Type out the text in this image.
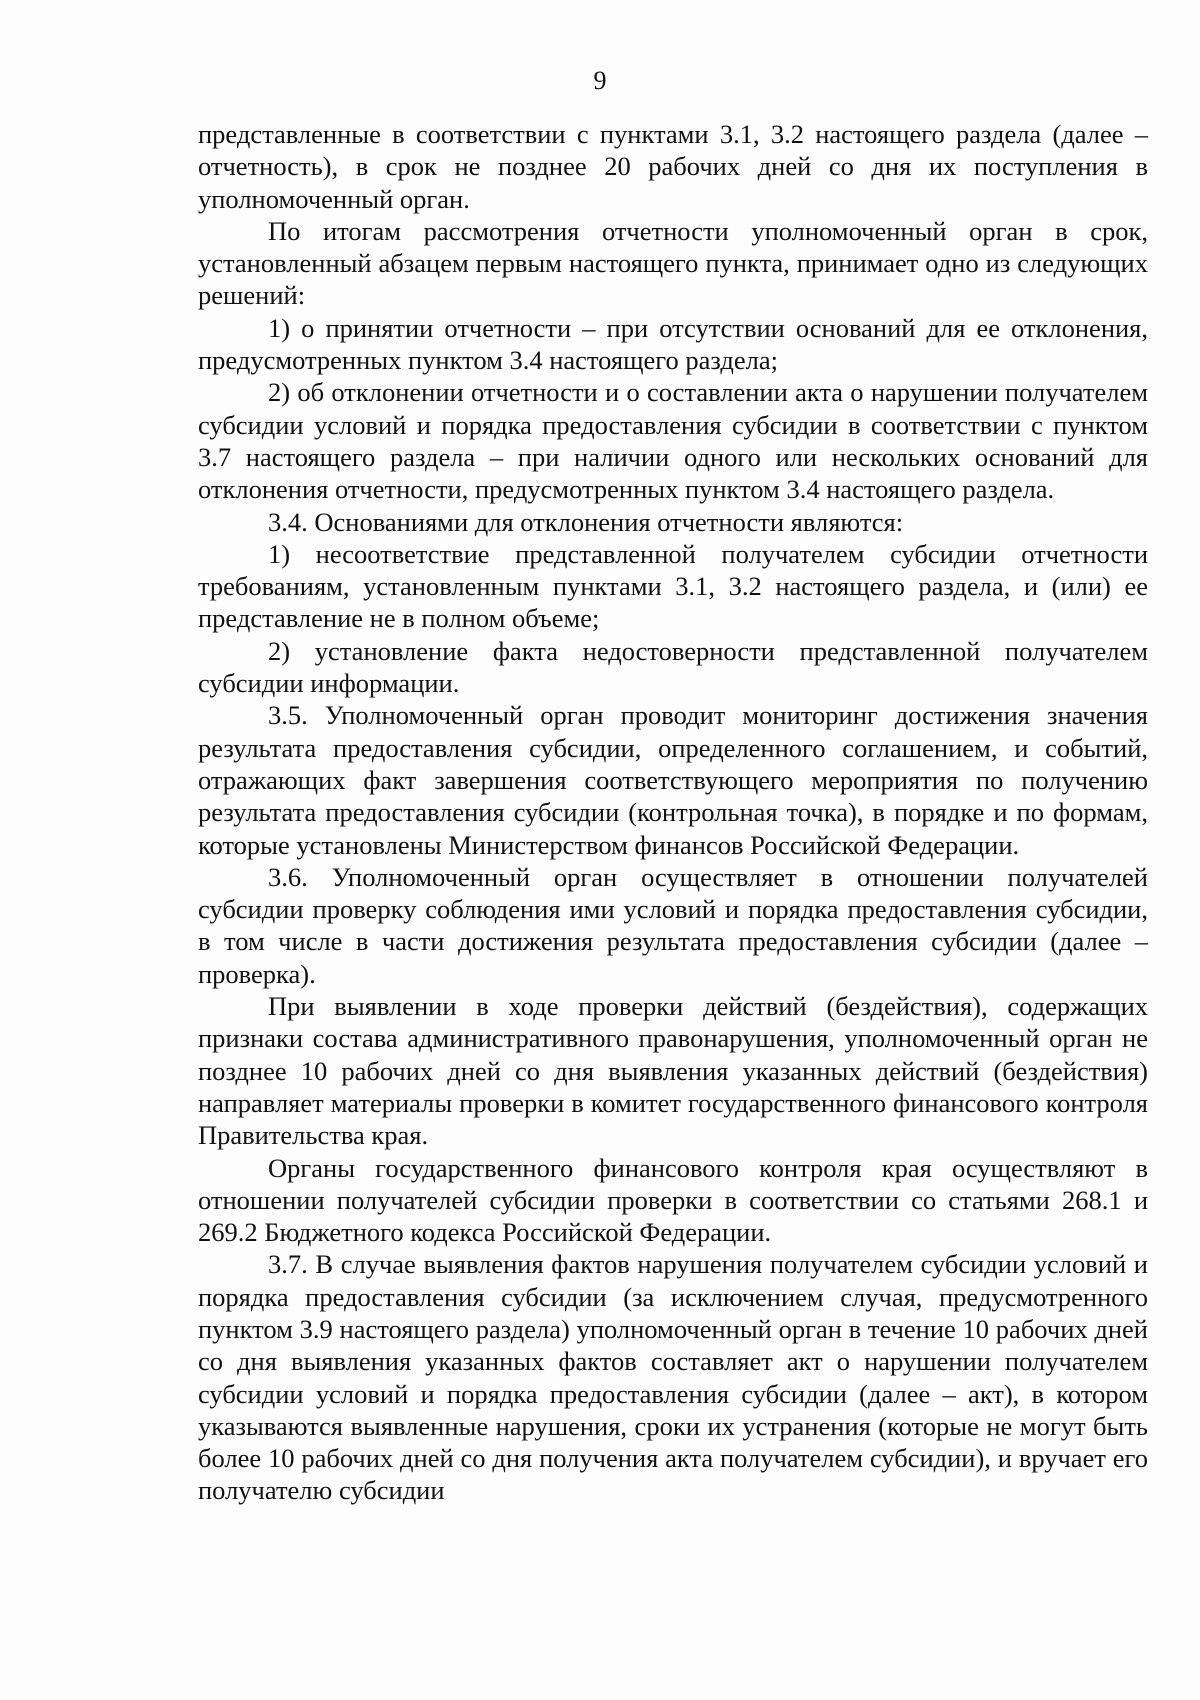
9

представленные в соответствии с пунктами 3.1, 3.2 настоящего раздела (далее – отчетность), в срок не позднее 20 рабочих дней со дня их поступления в уполномоченный орган.

По итогам рассмотрения отчетности уполномоченный орган в срок, установленный абзацем первым настоящего пункта, принимает одно из следующих решений:

1) о принятии отчетности – при отсутствии оснований для ее отклонения, предусмотренных пунктом 3.4 настоящего раздела;

2) об отклонении отчетности и о составлении акта о нарушении получателем субсидии условий и порядка предоставления субсидии в соответствии с пунктом 3.7 настоящего раздела – при наличии одного или нескольких оснований для отклонения отчетности, предусмотренных пунктом 3.4 настоящего раздела.

3.4. Основаниями для отклонения отчетности являются:

1) несоответствие представленной получателем субсидии отчетности требованиям, установленным пунктами 3.1, 3.2 настоящего раздела, и (или) ее представление не в полном объеме;

2) установление факта недостоверности представленной получателем субсидии информации.

3.5. Уполномоченный орган проводит мониторинг достижения значения результата предоставления субсидии, определенного соглашением, и событий, отражающих факт завершения соответствующего мероприятия по получению результата предоставления субсидии (контрольная точка), в порядке и по формам, которые установлены Министерством финансов Российской Федерации.

3.6. Уполномоченный орган осуществляет в отношении получателей субсидии проверку соблюдения ими условий и порядка предоставления субсидии, в том числе в части достижения результата предоставления субсидии (далее – проверка).

При выявлении в ходе проверки действий (бездействия), содержащих признаки состава административного правонарушения, уполномоченный орган не позднее 10 рабочих дней со дня выявления указанных действий (бездействия) направляет материалы проверки в комитет государственного финансового контроля Правительства края.

Органы государственного финансового контроля края осуществляют в отношении получателей субсидии проверки в соответствии со статьями 268.1 и 269.2 Бюджетного кодекса Российской Федерации.

3.7. В случае выявления фактов нарушения получателем субсидии условий и порядка предоставления субсидии (за исключением случая, предусмотренного пунктом 3.9 настоящего раздела) уполномоченный орган в течение 10 рабочих дней со дня выявления указанных фактов составляет акт о нарушении получателем субсидии условий и порядка предоставления субсидии (далее – акт), в котором указываются выявленные нарушения, сроки их устранения (которые не могут быть более 10 рабочих дней со дня получения акта получателем субсидии), и вручает его получателю субсидии
